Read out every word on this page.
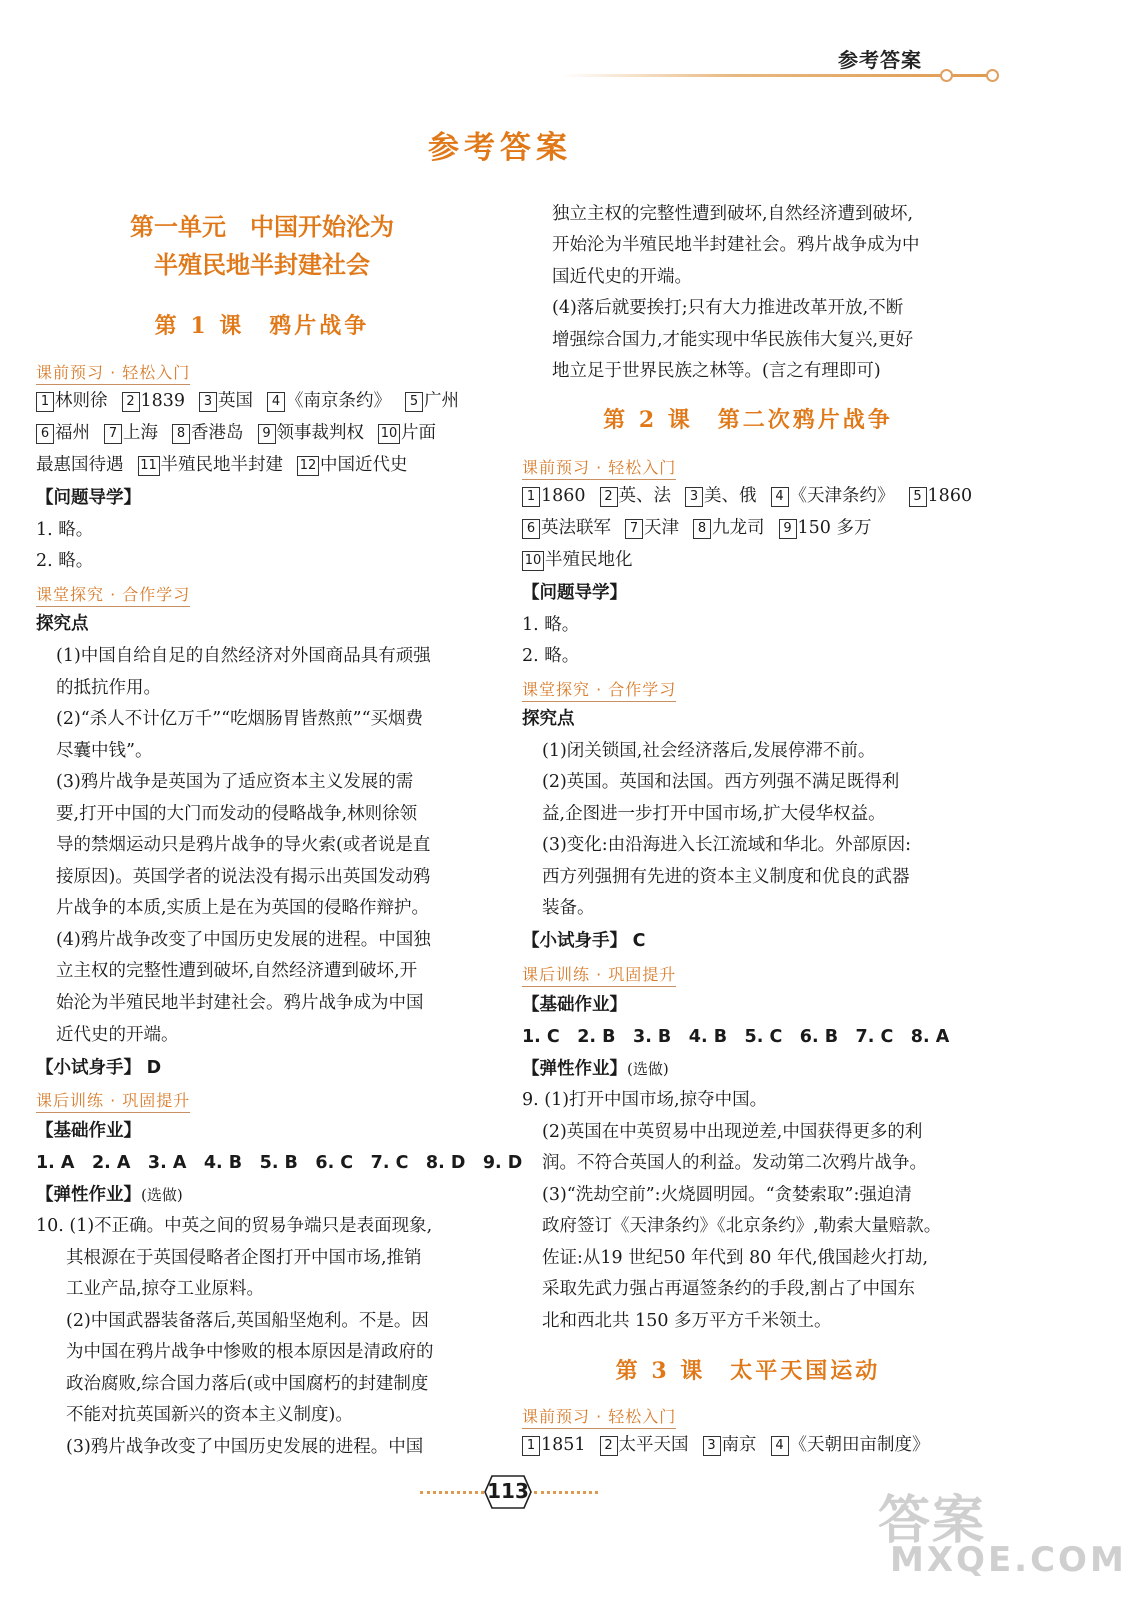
参考答案
参考答案
第一单元　中国开始沦为
半殖民地半封建社会
第 1 课　鸦片战争
课前预习 · 轻松入门
1 林则徐 2 1839 3 英国 4 《南京条约》 5 广州
6 福州 7 上海 8 香港岛 9 领事裁判权 10 片面
最惠国待遇 11 半殖民地半封建 12 中国近代史
【问题导学】
1. 略。
2. 略。
课堂探究 · 合作学习
探究点
(1)中国自给自足的自然经济对外国商品具有顽强
的抵抗作用。
(2)“杀人不计亿万千”“吃烟肠胃皆熬煎”“买烟费
尽囊中钱”。
(3)鸦片战争是英国为了适应资本主义发展的需
要,打开中国的大门而发动的侵略战争,林则徐领
导的禁烟运动只是鸦片战争的导火索(或者说是直
接原因)。英国学者的说法没有揭示出英国发动鸦
片战争的本质,实质上是在为英国的侵略作辩护。
(4)鸦片战争改变了中国历史发展的进程。中国独
立主权的完整性遭到破坏,自然经济遭到破坏,开
始沦为半殖民地半封建社会。鸦片战争成为中国
近代史的开端。
【小试身手】 D
课后训练 · 巩固提升
【基础作业】
1. A　2. A　3. A　4. B　5. B　6. C　7. C　8. D　9. D
【弹性作业】(选做)
10. (1)不正确。中英之间的贸易争端只是表面现象,
其根源在于英国侵略者企图打开中国市场,推销
工业产品,掠夺工业原料。
(2)中国武器装备落后,英国船坚炮利。不是。因
为中国在鸦片战争中惨败的根本原因是清政府的
政治腐败,综合国力落后(或中国腐朽的封建制度
不能对抗英国新兴的资本主义制度)。
(3)鸦片战争改变了中国历史发展的进程。中国
独立主权的完整性遭到破坏,自然经济遭到破坏,
开始沦为半殖民地半封建社会。鸦片战争成为中
国近代史的开端。
(4)落后就要挨打;只有大力推进改革开放,不断
增强综合国力,才能实现中华民族伟大复兴,更好
地立足于世界民族之林等。(言之有理即可)
第 2 课　第二次鸦片战争
课前预习 · 轻松入门
1 1860 2 英、法 3 美、俄 4 《天津条约》 5 1860
6 英法联军 7 天津 8 九龙司 9 150 多万
10 半殖民地化
【问题导学】
1. 略。
2. 略。
课堂探究 · 合作学习
探究点
(1)闭关锁国,社会经济落后,发展停滞不前。
(2)英国。英国和法国。西方列强不满足既得利
益,企图进一步打开中国市场,扩大侵华权益。
(3)变化:由沿海进入长江流域和华北。外部原因:
西方列强拥有先进的资本主义制度和优良的武器
装备。
【小试身手】 C
课后训练 · 巩固提升
【基础作业】
1. C　2. B　3. B　4. B　5. C　6. B　7. C　8. A
【弹性作业】(选做)
9. (1)打开中国市场,掠夺中国。
(2)英国在中英贸易中出现逆差,中国获得更多的利
润。不符合英国人的利益。发动第二次鸦片战争。
(3)“洗劫空前”:火烧圆明园。“贪婪索取”:强迫清
政府签订《天津条约》《北京条约》,勒索大量赔款。
佐证:从19 世纪50 年代到 80 年代,俄国趁火打劫,
采取先武力强占再逼签条约的手段,割占了中国东
北和西北共 150 多万平方千米领土。
第 3 课　太平天国运动
课前预习 · 轻松入门
1 1851 2 太平天国 3 南京 4 《天朝田亩制度》
113	答案
MXQE.COM
